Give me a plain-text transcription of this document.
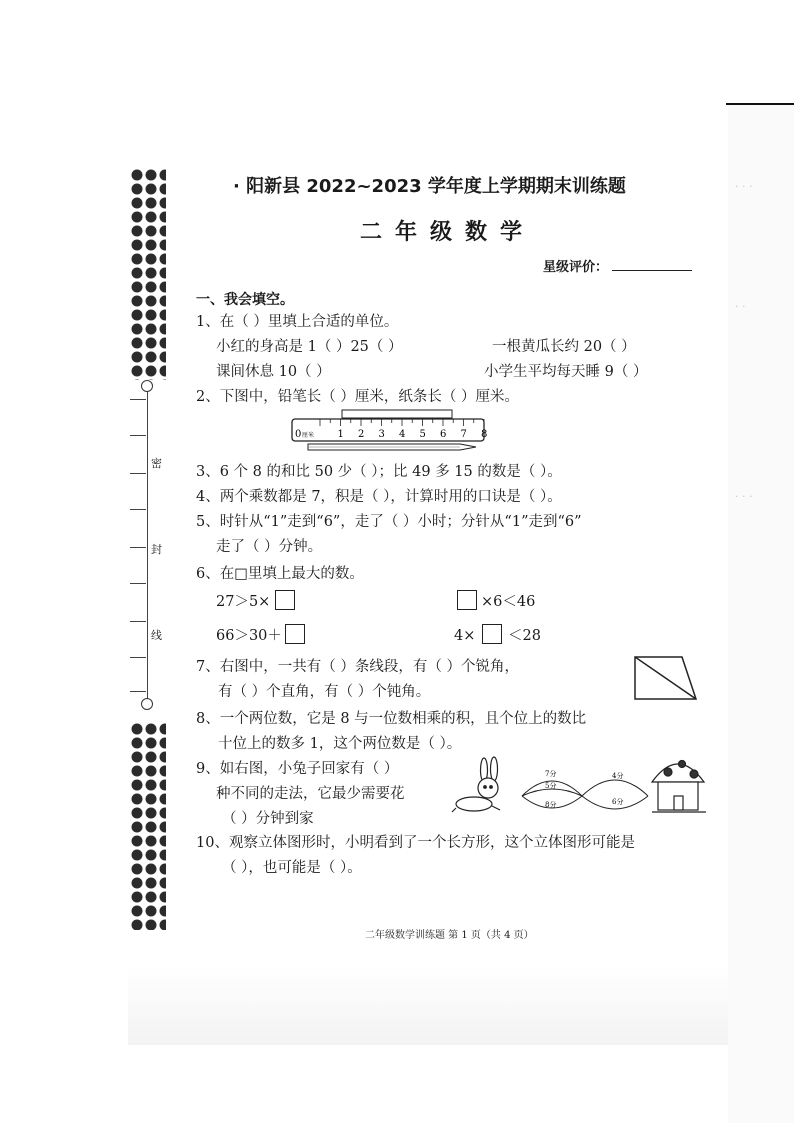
· · ·
· ·
· · ·
密
封
线
· 阳新县 2022~2023 学年度上学期期末训练题
二年级数学
星级评价：
一、我会填空。
1、在（ ）里填上合适的单位。
小红的身高是 1（ ）25（ ）	一根黄瓜长约 20（ ）
课间休息 10（ ）	小学生平均每天睡 9（ ）
2、下图中，铅笔长（ ）厘米，纸条长（ ）厘米。
厘米 1 2 3 4 5 6 7 8
0
3、6 个 8 的和比 50 少（ ）；比 49 多 15 的数是（ ）。
4、两个乘数都是 7，积是（ ），计算时用的口诀是（ ）。
5、时针从“1”走到“6”，走了（ ）小时；分针从“1”走到“6”
走了（ ）分钟。
6、在□里填上最大的数。
27＞5×	×6＜46
66＞30＋	4× ＜28
7、右图中，一共有（ ）条线段，有（ ）个锐角，
有（ ）个直角，有（ ）个钝角。
8、一个两位数，它是 8 与一位数相乘的积，且个位上的数比
十位上的数多 1，这个两位数是（ ）。
9、如右图，小兔子回家有（ ）
种不同的走法，它最少需要花
（ ）分钟到家
7分
5分
8分
4分
6分
10、观察立体图形时，小明看到了一个长方形，这个立体图形可能是
（ ），也可能是（ ）。
二年级数学训练题 第 1 页（共 4 页）
